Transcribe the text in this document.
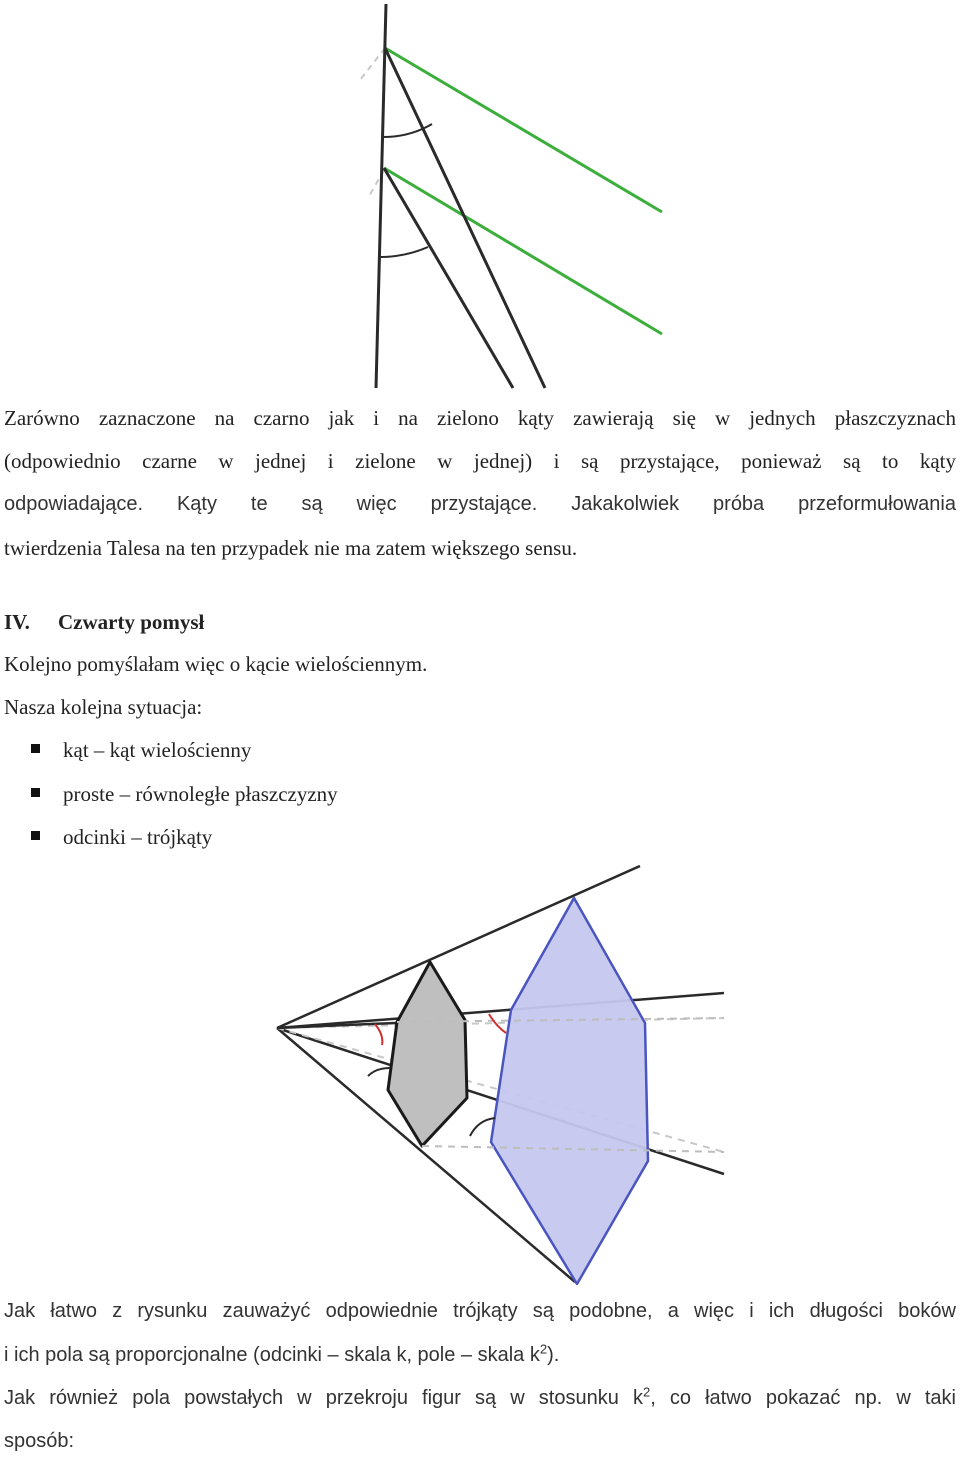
Zarówno zaznaczone na czarno jak i na zielono kąty zawierają się w jednych płaszczyznach

(odpowiednio czarne w jednej i zielone w jednej) i są przystające, ponieważ są to kąty

odpowiadające. Kąty te są więc przystające. Jakakolwiek próba przeformułowania

twierdzenia Talesa na ten przypadek nie ma zatem większego sensu.

IV. Czwarty pomysł

Kolejno pomyślałam więc o kącie wielościennym.

Nasza kolejna sytuacja:

kąt – kąt wielościenny
proste – równoległe płaszczyzny
odcinki – trójkąty

Jak łatwo z rysunku zauważyć odpowiednie trójkąty są podobne, a więc i ich długości boków

i ich pola są proporcjonalne (odcinki – skala k, pole – skala $k^2$).

Jak również pola powstałych w przekroju figur są w stosunku $k^2$, co łatwo pokazać np. w taki

sposób:
